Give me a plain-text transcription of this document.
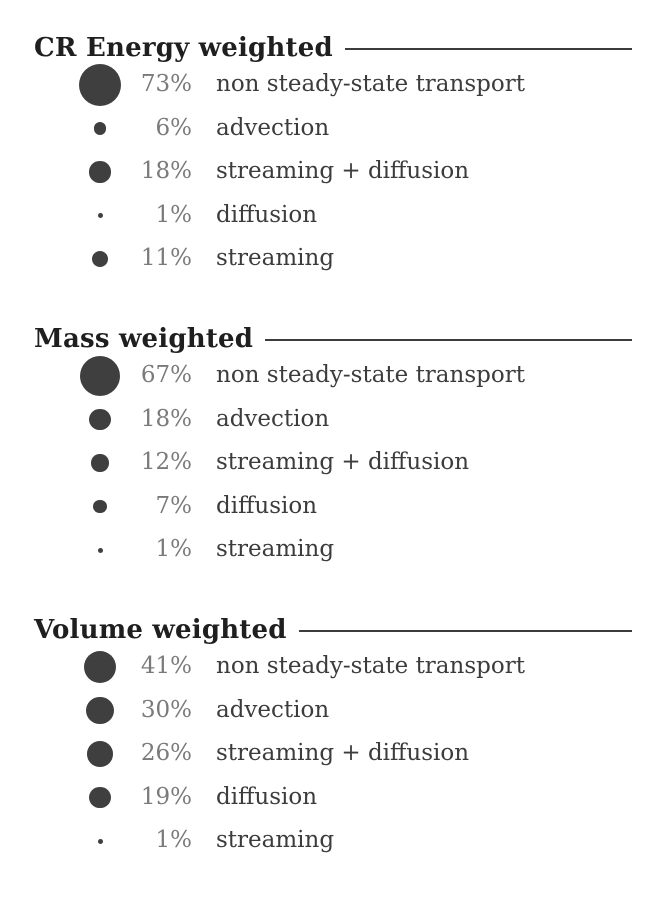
CR Energy weighted
73% non steady-state transport
6% advection
18% streaming + diffusion
1% diffusion
11% streaming
Mass weighted
67% non steady-state transport
18% advection
12% streaming + diffusion
7% diffusion
1% streaming
Volume weighted
41% non steady-state transport
30% advection
26% streaming + diffusion
19% diffusion
1% streaming
